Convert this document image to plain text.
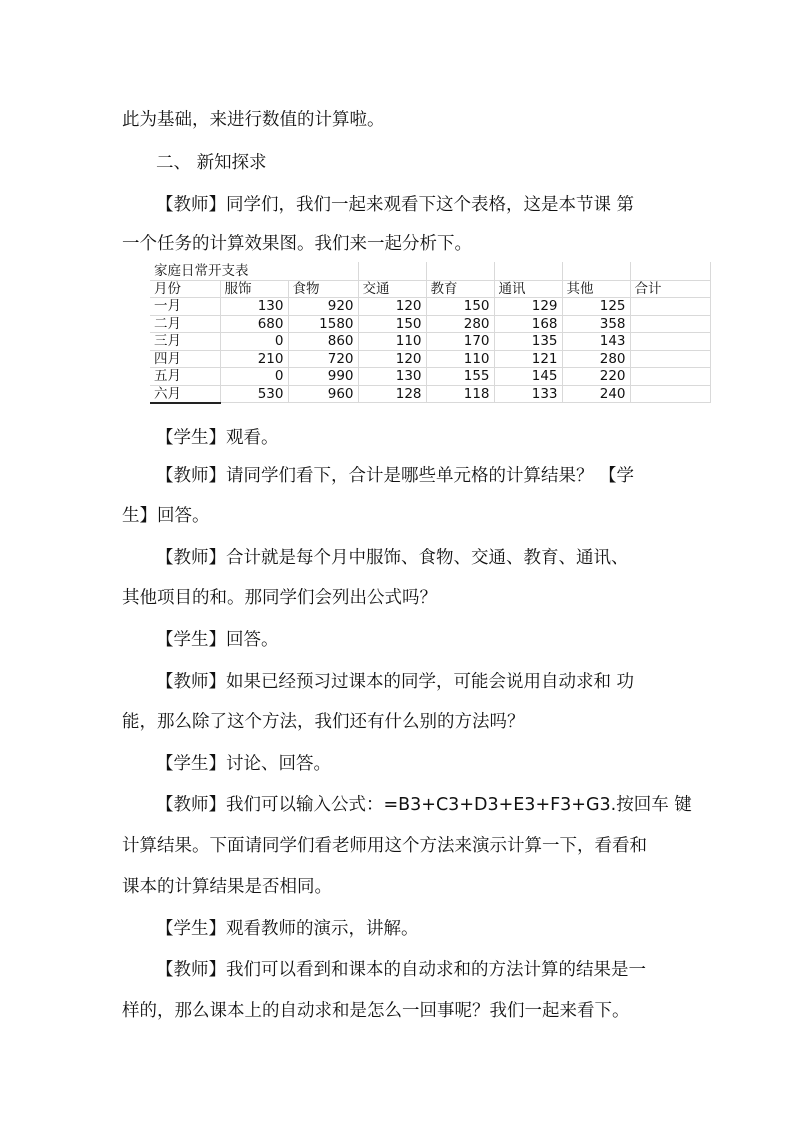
此为基础，来进行数值的计算啦。
二、 新知探求
【教师】同学们，我们一起来观看下这个表格，这是本节课 第
一个任务的计算效果图。我们来一起分析下。
【学生】观看。
【教师】请同学们看下，合计是哪些单元格的计算结果？ 【学
生】回答。
【教师】合计就是每个月中服饰、食物、交通、教育、通讯、
其他项目的和。那同学们会列出公式吗？
【学生】回答。
【教师】如果已经预习过课本的同学，可能会说用自动求和 功
能，那么除了这个方法，我们还有什么别的方法吗？
【学生】讨论、回答。
【教师】我们可以输入公式：=B3+C3+D3+E3+F3+G3.按回车 键
计算结果。下面请同学们看老师用这个方法来演示计算一下，看看和
课本的计算结果是否相同。
【学生】观看教师的演示，讲解。
【教师】我们可以看到和课本的自动求和的方法计算的结果是一
样的，那么课本上的自动求和是怎么一回事呢？我们一起来看下。
家庭日常开支表							
月份	服饰	食物	交通	教育	通讯	其他	合计
一月	130	920	120	150	129	125	
二月	680	1580	150	280	168	358	
三月	0	860	110	170	135	143	
四月	210	720	120	110	121	280	
五月	0	990	130	155	145	220	
六月	530	960	128	118	133	240	
